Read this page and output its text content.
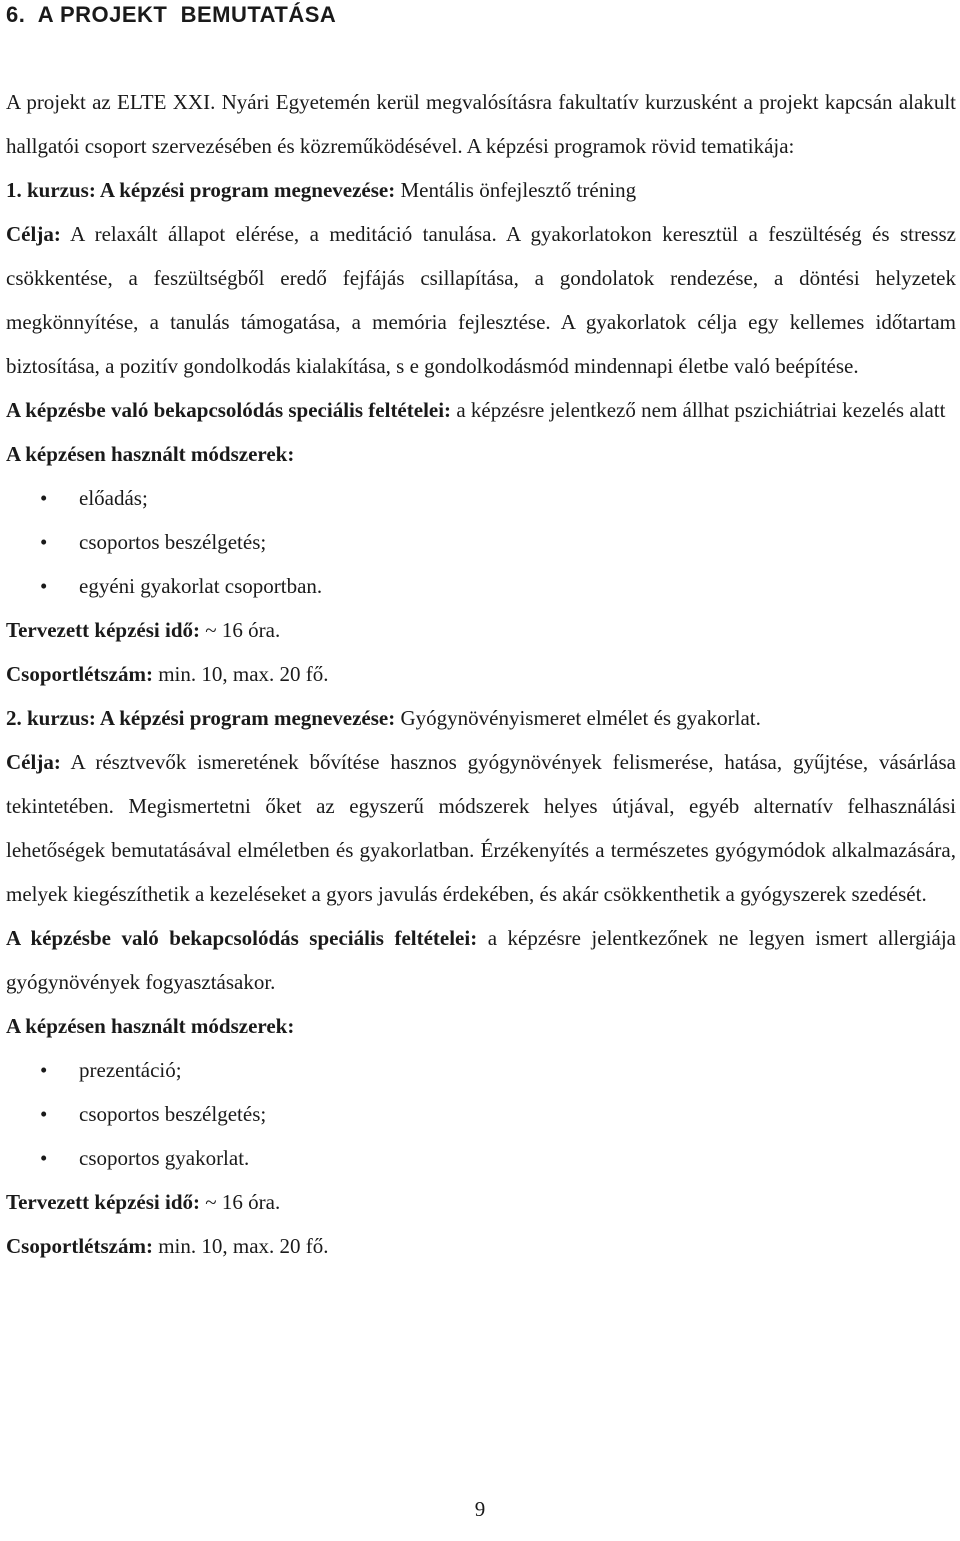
6.  A PROJEKT  BEMUTATÁSA

A projekt az ELTE XXI. Nyári Egyetemén kerül megvalósításra fakultatív kurzusként a projekt kapcsán alakult hallgatói csoport szervezésében és közreműködésével. A képzési programok rövid tematikája:

1. kurzus: A képzési program megnevezése: Mentális önfejlesztő tréning

Célja: A relaxált állapot elérése, a meditáció tanulása. A gyakorlatokon keresztül a feszültéség és stressz csökkentése, a feszültségből eredő fejfájás csillapítása, a gondolatok rendezése, a döntési helyzetek megkönnyítése, a tanulás támogatása, a memória fejlesztése. A gyakorlatok célja egy kellemes időtartam biztosítása, a pozitív gondolkodás kialakítása, s e gondolkodásmód mindennapi életbe való beépítése.

A képzésbe való bekapcsolódás speciális feltételei: a képzésre jelentkező nem állhat pszichiátriai kezelés alatt

A képzésen használt módszerek:

• előadás;
• csoportos beszélgetés;
• egyéni gyakorlat csoportban.

Tervezett képzési idő: ~ 16 óra.

Csoportlétszám: min. 10, max. 20 fő.

2. kurzus: A képzési program megnevezése: Gyógynövényismeret elmélet és gyakorlat.

Célja: A résztvevők ismeretének bővítése hasznos gyógynövények felismerése, hatása, gyűjtése, vásárlása tekintetében. Megismertetni őket az egyszerű módszerek helyes útjával, egyéb alternatív felhasználási lehetőségek bemutatásával elméletben és gyakorlatban. Érzékenyítés a természetes gyógymódok alkalmazására, melyek kiegészíthetik a kezeléseket a gyors javulás érdekében, és akár csökkenthetik a gyógyszerek szedését.

A képzésbe való bekapcsolódás speciális feltételei: a képzésre jelentkezőnek ne legyen ismert allergiája gyógynövények fogyasztásakor.

A képzésen használt módszerek:

• prezentáció;
• csoportos beszélgetés;
• csoportos gyakorlat.

Tervezett képzési idő: ~ 16 óra.

Csoportlétszám: min. 10, max. 20 fő.

9
